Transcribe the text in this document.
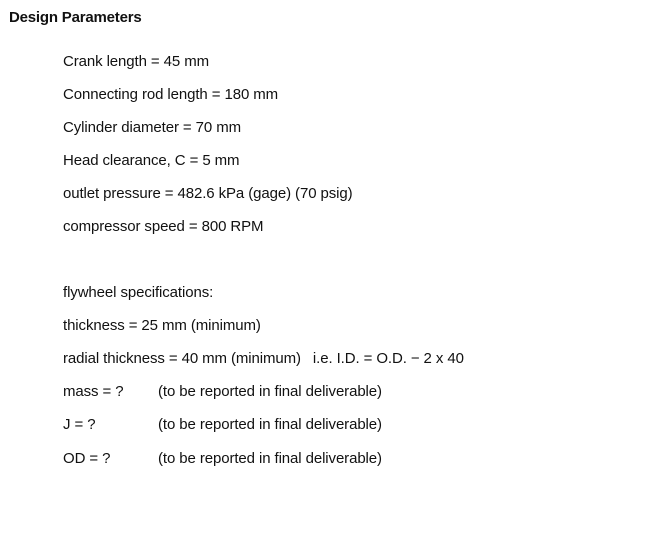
Design Parameters
Crank length = 45 mm
Connecting rod length = 180 mm
Cylinder diameter = 70 mm
Head clearance, C = 5 mm
outlet pressure = 482.6 kPa (gage) (70 psig)
compressor speed = 800 RPM
flywheel specifications:
thickness = 25 mm (minimum)
radial thickness = 40 mm (minimum) i.e. I.D. = O.D. − 2 x 40
mass = ? (to be reported in final deliverable)
J = ?	(to be reported in final deliverable)
OD = ?	(to be reported in final deliverable)
